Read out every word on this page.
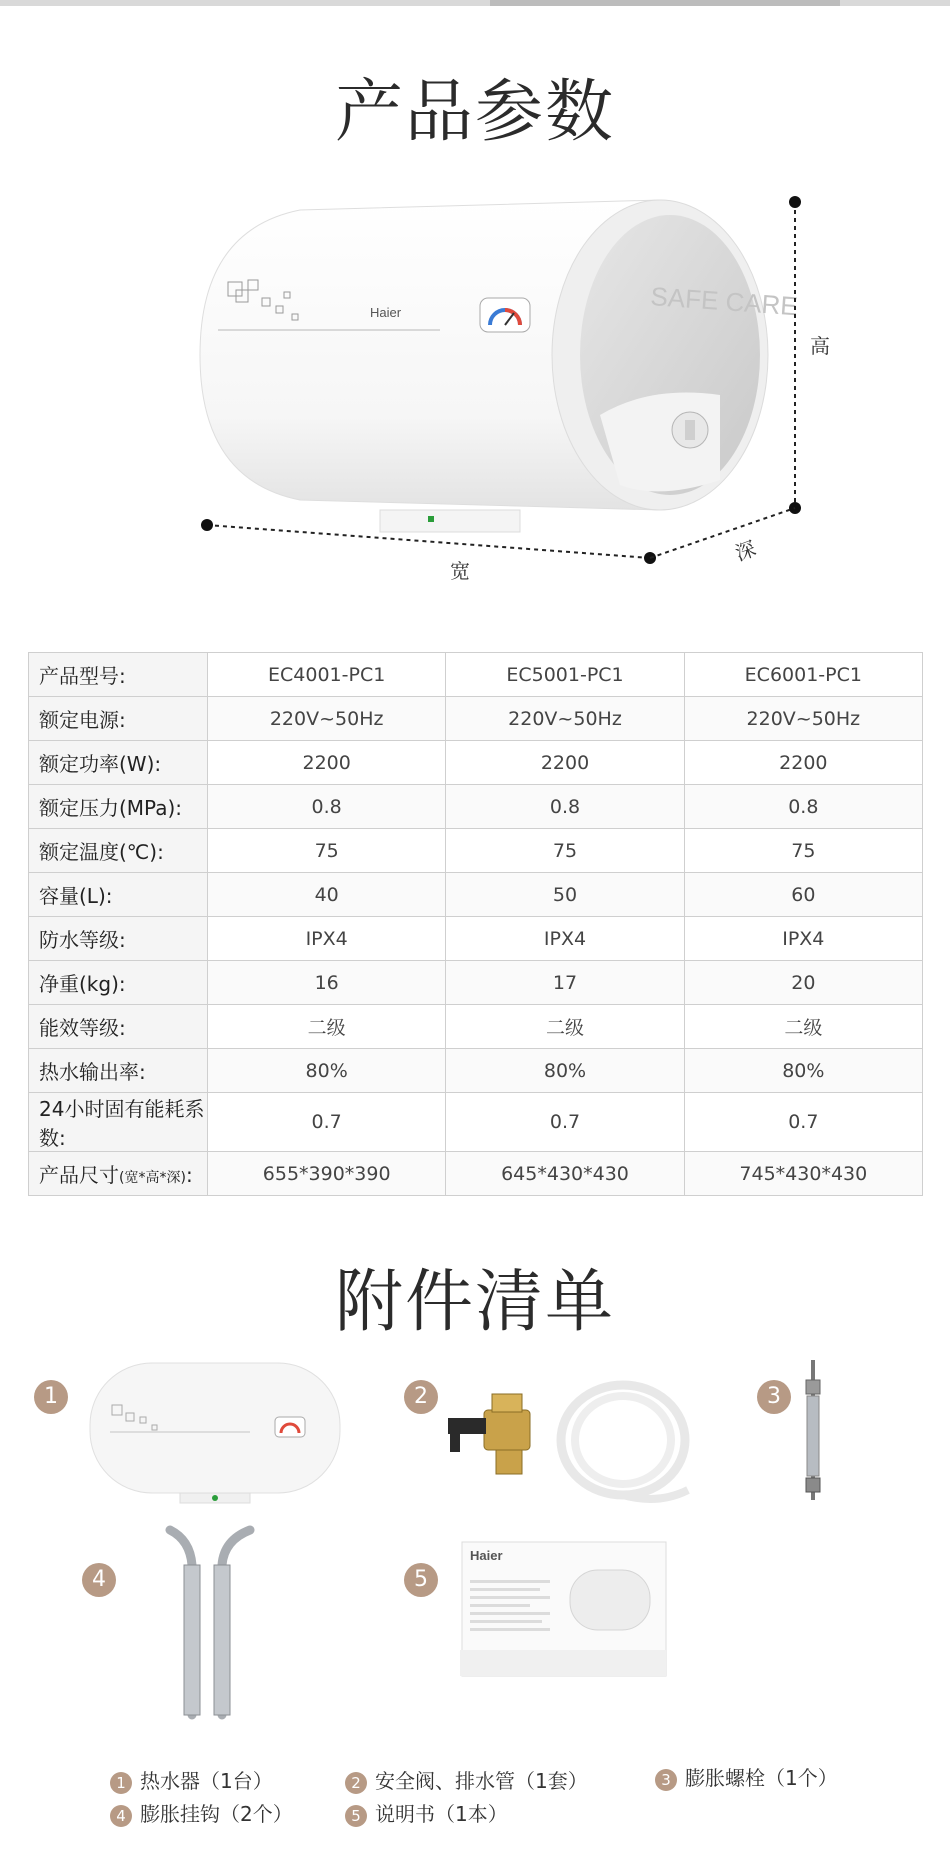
产品参数
SAFE CARE
Haier
高
宽
深
产品型号:	EC4001-PC1	EC5001-PC1	EC6001-PC1
额定电源:	220V~50Hz	220V~50Hz	220V~50Hz
额定功率(W):	2200	2200	2200
额定压力(MPa):	0.8	0.8	0.8
额定温度(℃):	75	75	75
容量(L):	40	50	60
防水等级:	IPX4	IPX4	IPX4
净重(kg):	16	17	20
能效等级:	二级	二级	二级
热水输出率:	80%	80%	80%
24小时固有能耗系数:	0.7	0.7	0.7
产品尺寸(宽*高*深):	655*390*390	645*430*430	745*430*430
附件清单
1	2	3
4	5
Haier
1 热水器（1台）	2 安全阀、排水管（1套）	3 膨胀螺栓（1个）
4 膨胀挂钩（2个）	5 说明书（1本）
